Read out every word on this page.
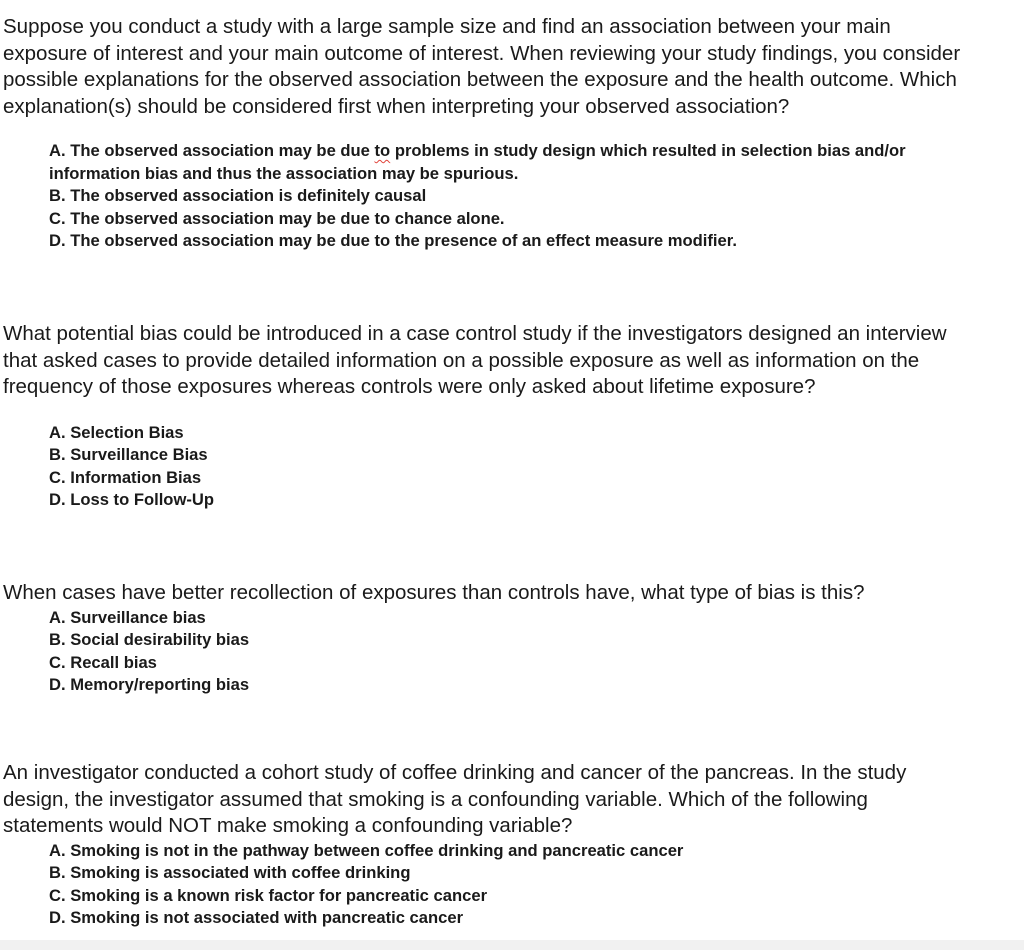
Suppose you conduct a study with a large sample size and find an association between your main exposure of interest and your main outcome of interest. When reviewing your study findings, you consider possible explanations for the observed association between the exposure and the health outcome. Which explanation(s) should be considered first when interpreting your observed association?

A. The observed association may be due to problems in study design which resulted in selection bias and/or information bias and thus the association may be spurious.
B. The observed association is definitely causal
C. The observed association may be due to chance alone.
D. The observed association may be due to the presence of an effect measure modifier.

What potential bias could be introduced in a case control study if the investigators designed an interview that asked cases to provide detailed information on a possible exposure as well as information on the frequency of those exposures whereas controls were only asked about lifetime exposure?

A. Selection Bias
B. Surveillance Bias
C. Information Bias
D. Loss to Follow-Up

When cases have better recollection of exposures than controls have, what type of bias is this?

A. Surveillance bias
B. Social desirability bias
C. Recall bias
D. Memory/reporting bias

An investigator conducted a cohort study of coffee drinking and cancer of the pancreas. In the study design, the investigator assumed that smoking is a confounding variable. Which of the following statements would NOT make smoking a confounding variable?

A. Smoking is not in the pathway between coffee drinking and pancreatic cancer
B. Smoking is associated with coffee drinking
C. Smoking is a known risk factor for pancreatic cancer
D. Smoking is not associated with pancreatic cancer
